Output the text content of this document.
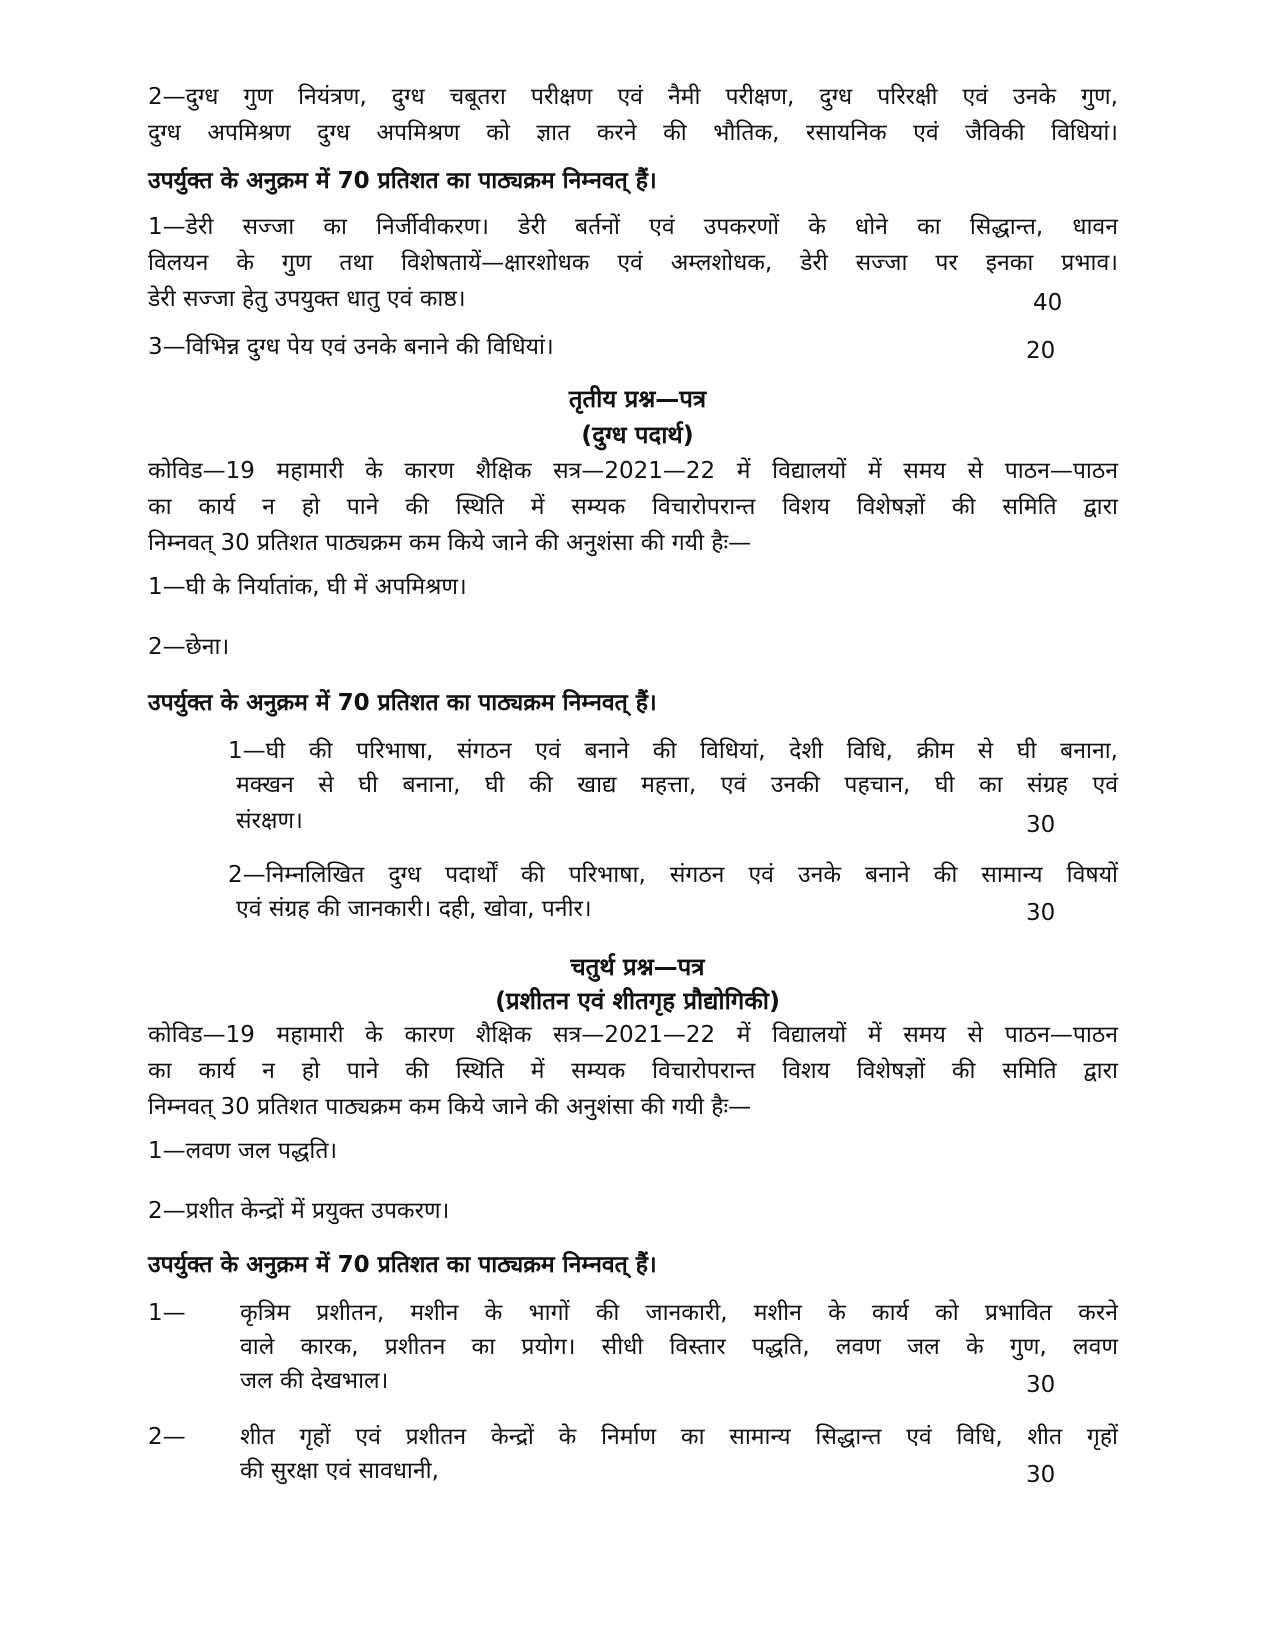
2—दुग्ध गुण नियंत्रण, दुग्ध चबूतरा परीक्षण एवं नैमी परीक्षण, दुग्ध परिरक्षी एवं उनके गुण,
दुग्ध अपमिश्रण दुग्ध अपमिश्रण को ज्ञात करने की भौतिक, रसायनिक एवं जैविकी विधियां।
उपर्युक्त के अनुक्रम में 70 प्रतिशत का पाठ्यक्रम निम्नवत् हैं।
1—डेरी सज्जा का निर्जीवीकरण। डेरी बर्तनों एवं उपकरणों के धोने का सिद्धान्त, धावन
विलयन के गुण तथा विशेषतायें—क्षारशोधक एवं अम्लशोधक, डेरी सज्जा पर इनका प्रभाव।
डेरी सज्जा हेतु उपयुक्त धातु एवं काष्ठ।	40
3—विभिन्न दुग्ध पेय एवं उनके बनाने की विधियां।	20
तृतीय प्रश्न—पत्र
(दुग्ध पदार्थ)
कोविड—19 महामारी के कारण शैक्षिक सत्र—2021—22 में विद्यालयों में समय से पाठन—पाठन
का कार्य न हो पाने की स्थिति में सम्यक विचारोपरान्त विशय विशेषज्ञों की समिति द्वारा
निम्नवत् 30 प्रतिशत पाठ्यक्रम कम किये जाने की अनुशंसा की गयी हैः—
1—घी के निर्यातांक, घी में अपमिश्रण।
2—छेना।
उपर्युक्त के अनुक्रम में 70 प्रतिशत का पाठ्यक्रम निम्नवत् हैं।
1—घी की परिभाषा, संगठन एवं बनाने की विधियां, देशी विधि, क्रीम से घी बनाना,
मक्खन से घी बनाना, घी की खाद्य महत्ता, एवं उनकी पहचान, घी का संग्रह एवं
संरक्षण।	30
2—निम्नलिखित दुग्ध पदार्थों की परिभाषा, संगठन एवं उनके बनाने की सामान्य विषयों
एवं संग्रह की जानकारी। दही, खोवा, पनीर।	30
चतुर्थ प्रश्न—पत्र
(प्रशीतन एवं शीतगृह प्रौद्योगिकी)
कोविड—19 महामारी के कारण शैक्षिक सत्र—2021—22 में विद्यालयों में समय से पाठन—पाठन
का कार्य न हो पाने की स्थिति में सम्यक विचारोपरान्त विशय विशेषज्ञों की समिति द्वारा
निम्नवत् 30 प्रतिशत पाठ्यक्रम कम किये जाने की अनुशंसा की गयी हैः—
1—लवण जल पद्धति।
2—प्रशीत केन्द्रों में प्रयुक्त उपकरण।
उपर्युक्त के अनुक्रम में 70 प्रतिशत का पाठ्यक्रम निम्नवत् हैं।
1—	कृत्रिम प्रशीतन, मशीन के भागों की जानकारी, मशीन के कार्य को प्रभावित करने
वाले कारक, प्रशीतन का प्रयोग। सीधी विस्तार पद्धति, लवण जल के गुण, लवण
जल की देखभाल।	30
2—	शीत गृहों एवं प्रशीतन केन्द्रों के निर्माण का सामान्य सिद्धान्त एवं विधि, शीत गृहों
की सुरक्षा एवं सावधानी,	30
